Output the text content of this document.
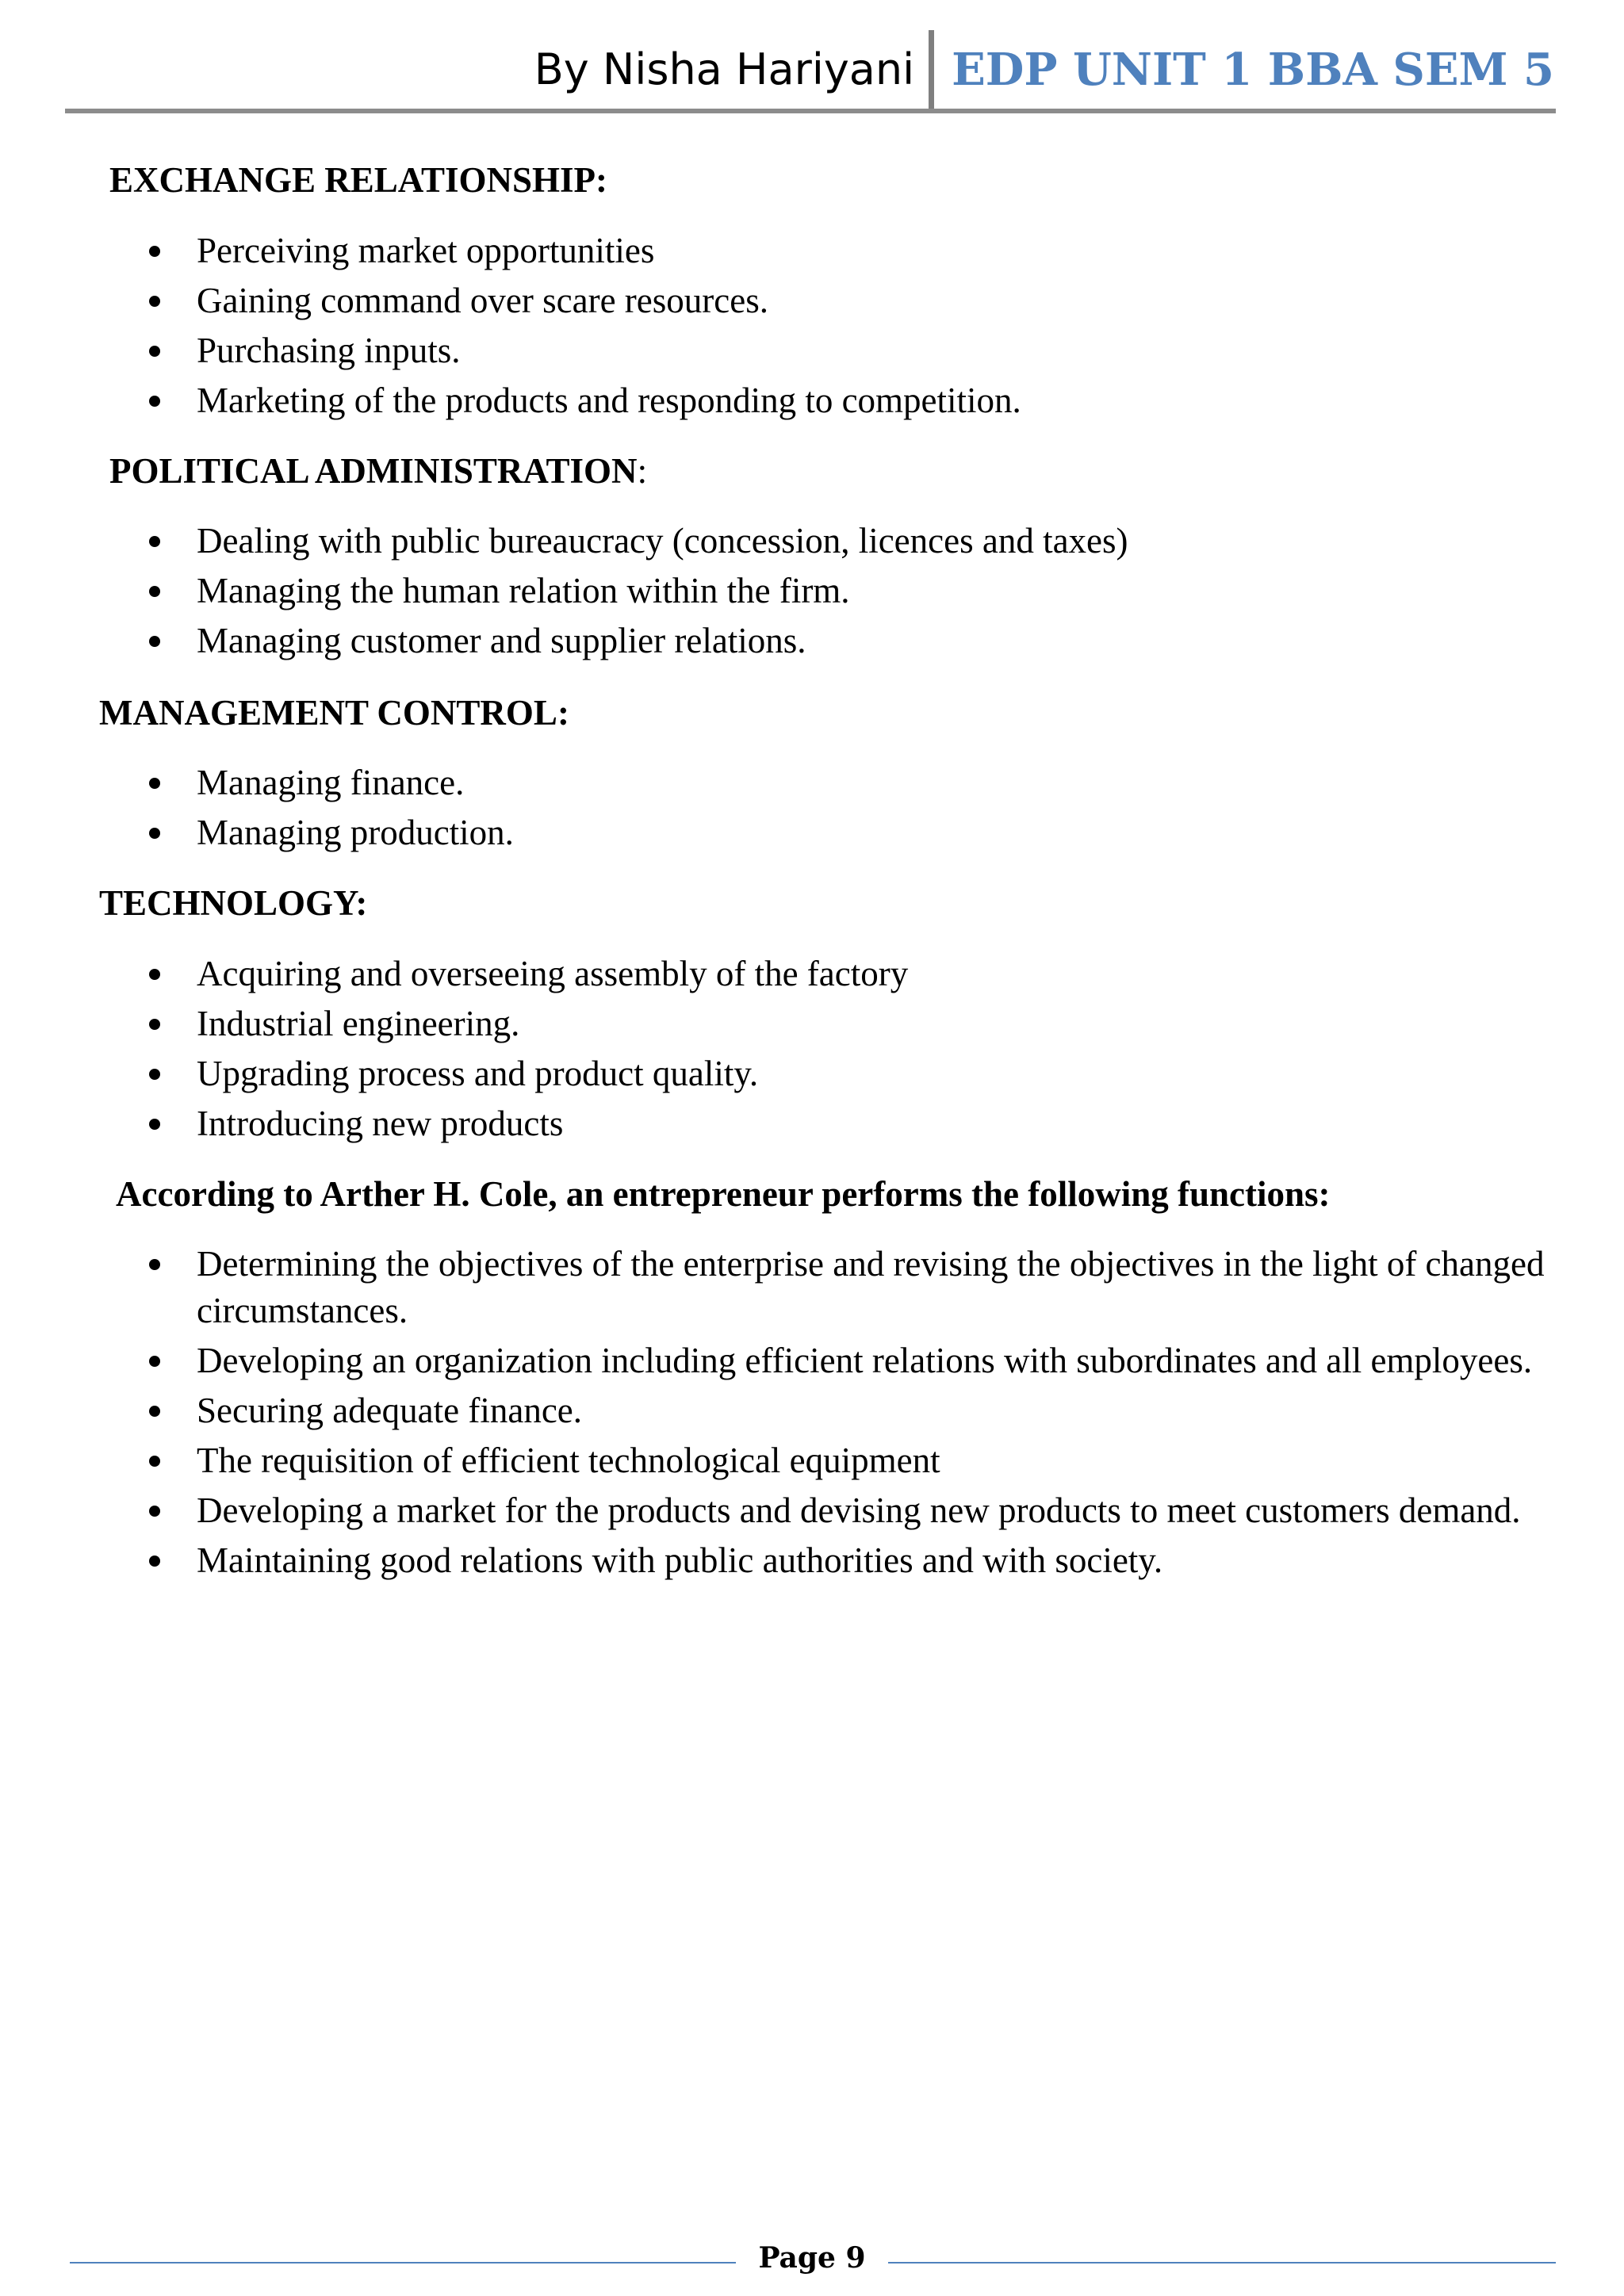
By Nisha Hariyani EDP UNIT 1 BBA SEM 5
EXCHANGE RELATIONSHIP:
Perceiving market opportunities
Gaining command over scare resources.
Purchasing inputs.
Marketing of the products and responding to competition.
POLITICAL ADMINISTRATION:
Dealing with public bureaucracy (concession, licences and taxes)
Managing the human relation within the firm.
Managing customer and supplier relations.
MANAGEMENT CONTROL:
Managing finance.
Managing production.
TECHNOLOGY:
Acquiring and overseeing assembly of the factory
Industrial engineering.
Upgrading process and product quality.
Introducing new products
According to Arther H. Cole, an entrepreneur performs the following functions:
Determining the objectives of the enterprise and revising the objectives in the light of changed circumstances.
Developing an organization including efficient relations with subordinates and all employees.
Securing adequate finance.
The requisition of efficient technological equipment
Developing a market for the products and devising new products to meet customers demand.
Maintaining good relations with public authorities and with society.
Page 9
